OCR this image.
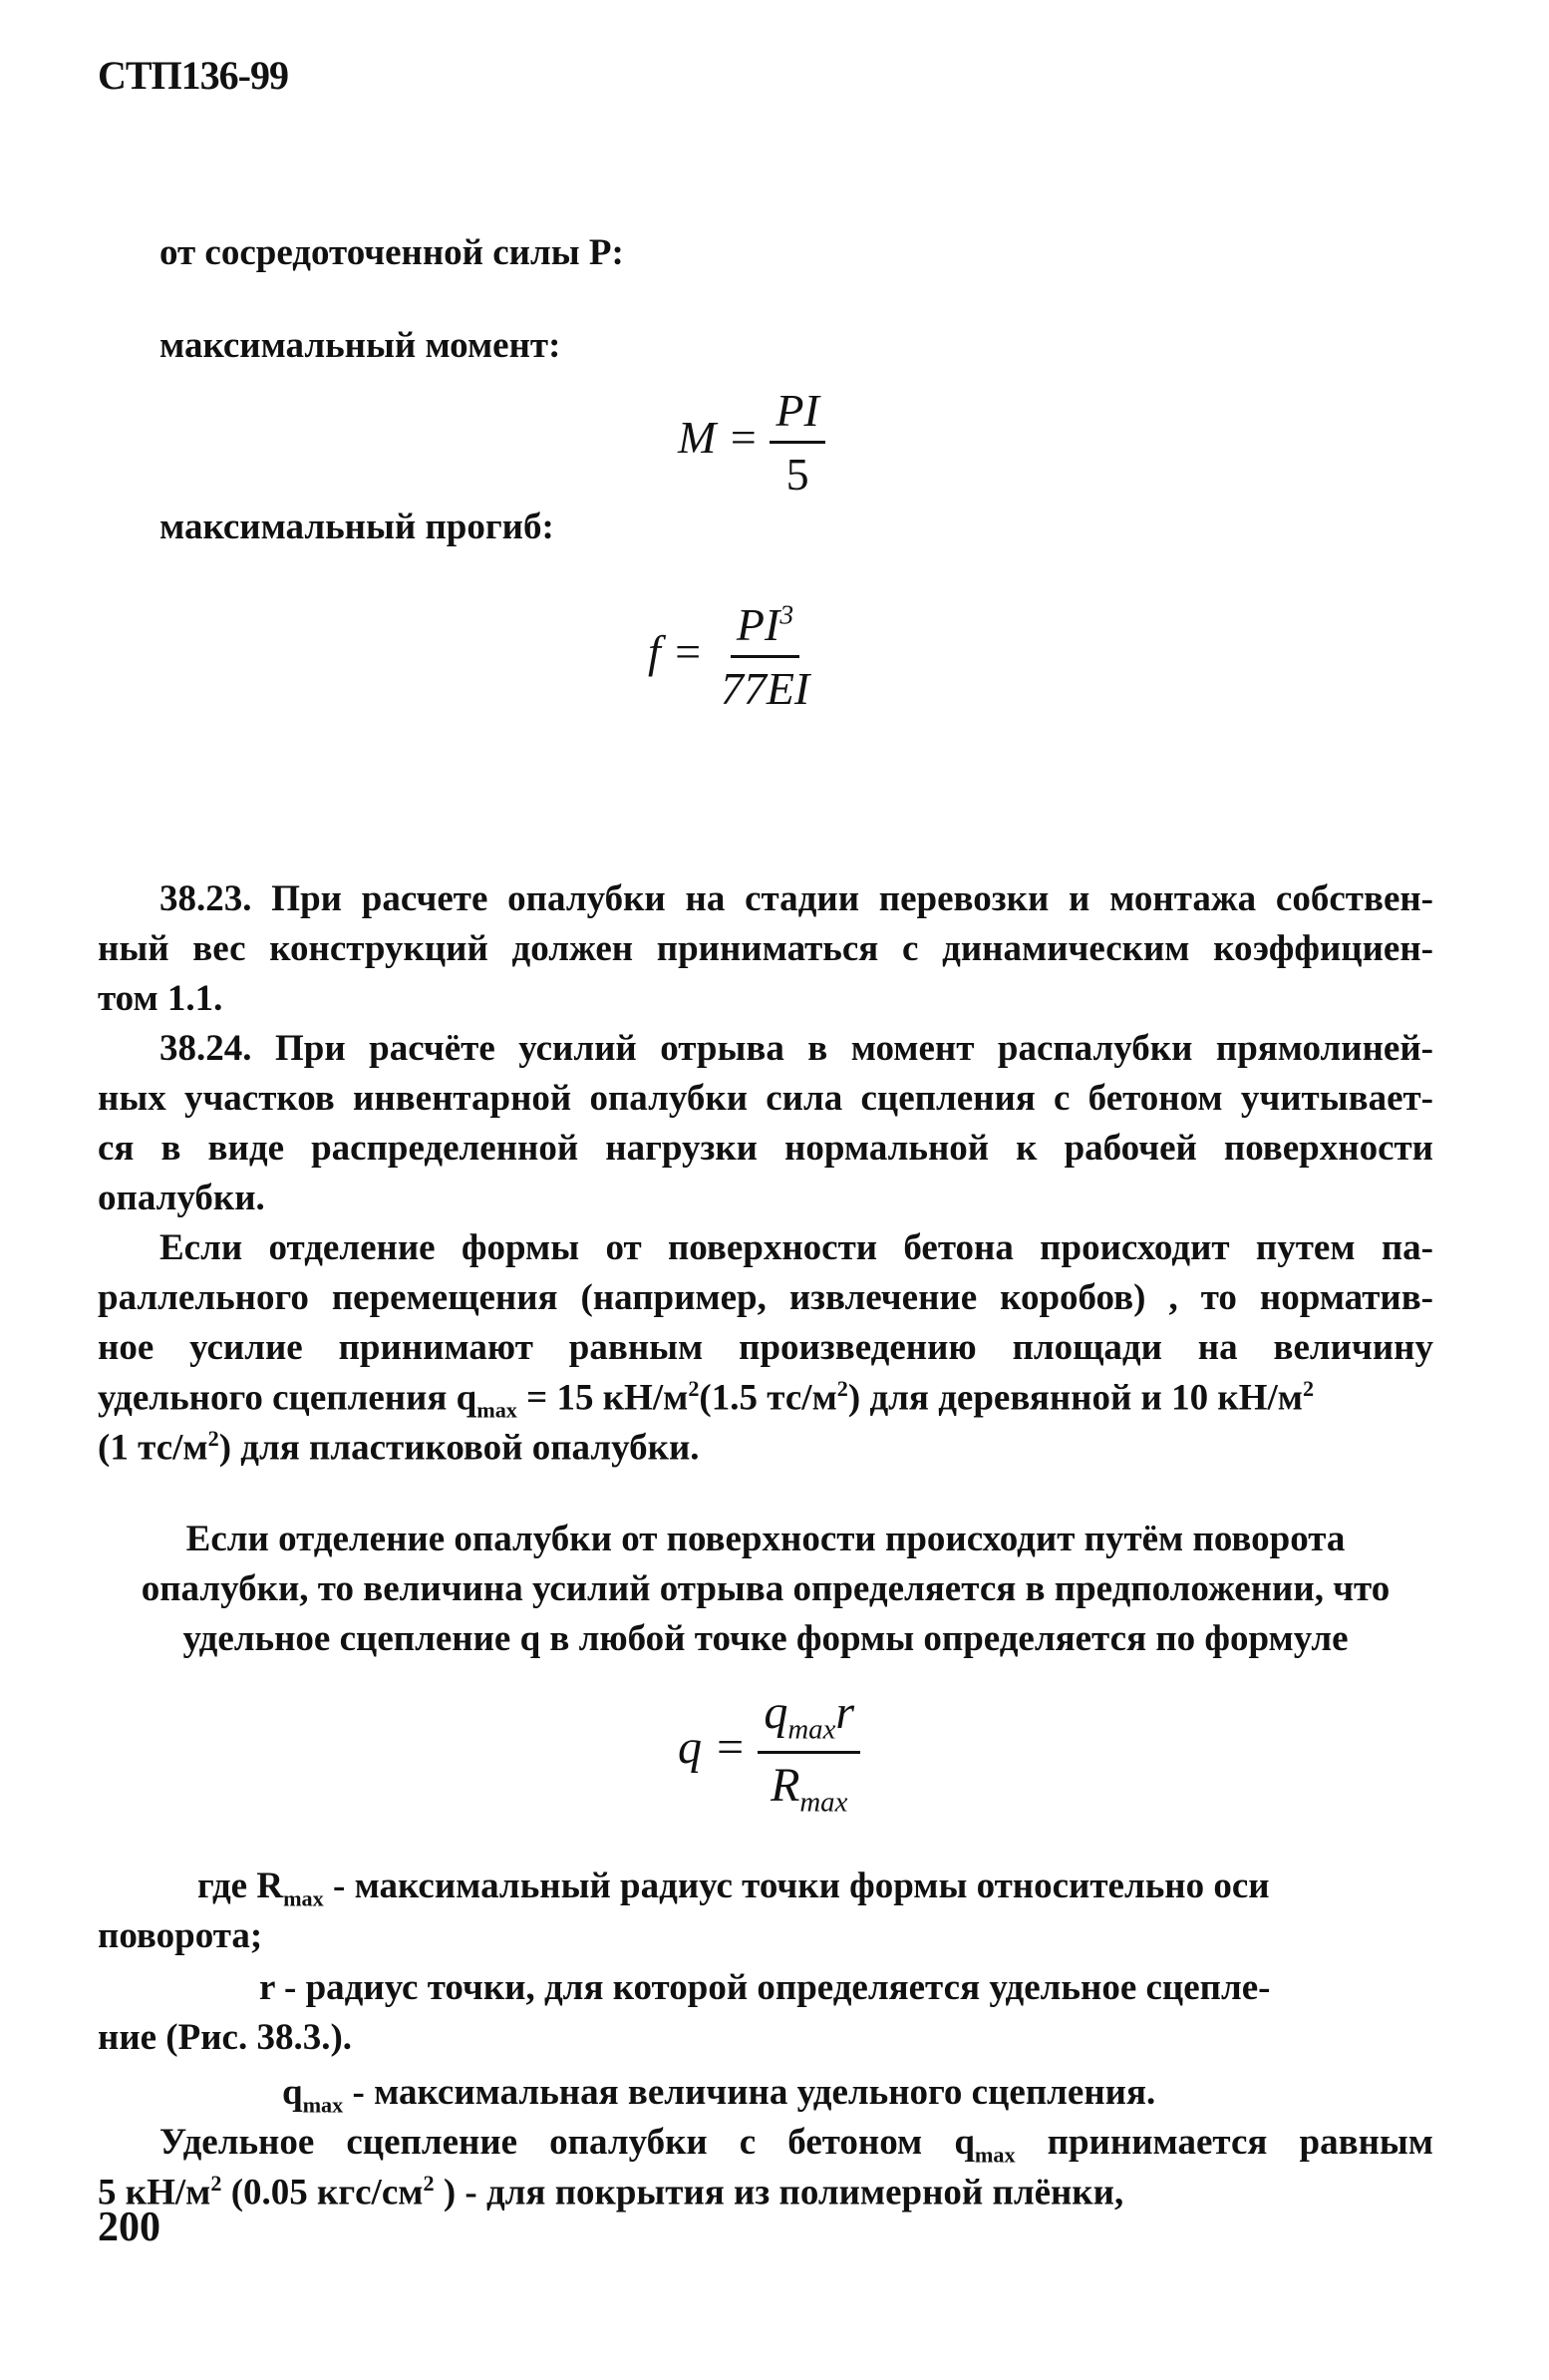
СТП136-99
от сосредоточенной силы P:
максимальный момент:
$M = \frac{PI}{5}$
максимальный прогиб:
$f = \frac{PI^3}{77EI}$
38.23. При расчете опалубки на стадии перевозки и монтажа собствен-
ный вес конструкций должен приниматься с динамическим коэффициен-
том 1.1.
38.24. При расчёте усилий отрыва в момент распалубки прямолиней-
ных участков инвентарной опалубки сила сцепления с бетоном учитывает-
ся в виде распределенной нагрузки нормальной к рабочей поверхности
опалубки.
Если отделение формы от поверхности бетона происходит путем па-
раллельного перемещения (например, извлечение коробов) , то норматив-
ное усилие принимают равным произведению площади на величину
удельного сцепления $q_{max} = 15$ $кН/м^2(1.5$ $тс/м^2$) для деревянной и 10 $кН/м^2$
(1 $тс/м^2$) для пластиковой опалубки.
Если отделение опалубки от поверхности происходит путём поворота
опалубки, то величина усилий отрыва определяется в предположении, что
удельное сцепление q в любой точке формы определяется по формуле
$q = \frac{q_{max}r}{R_{max}}$
где $R_{max}$ - максимальный радиус точки формы относительно оси
поворота;
r - радиус точки, для которой определяется удельное сцепле-
ние (Рис. 38.3.).
$q_{max}$ - максимальная величина удельного сцепления.
Удельное сцепление опалубки с бетоном $q_{max}$ принимается равным
5 $кН/м^2$ (0.05 кгс/$см^2$ ) - для покрытия из полимерной плёнки,
200
